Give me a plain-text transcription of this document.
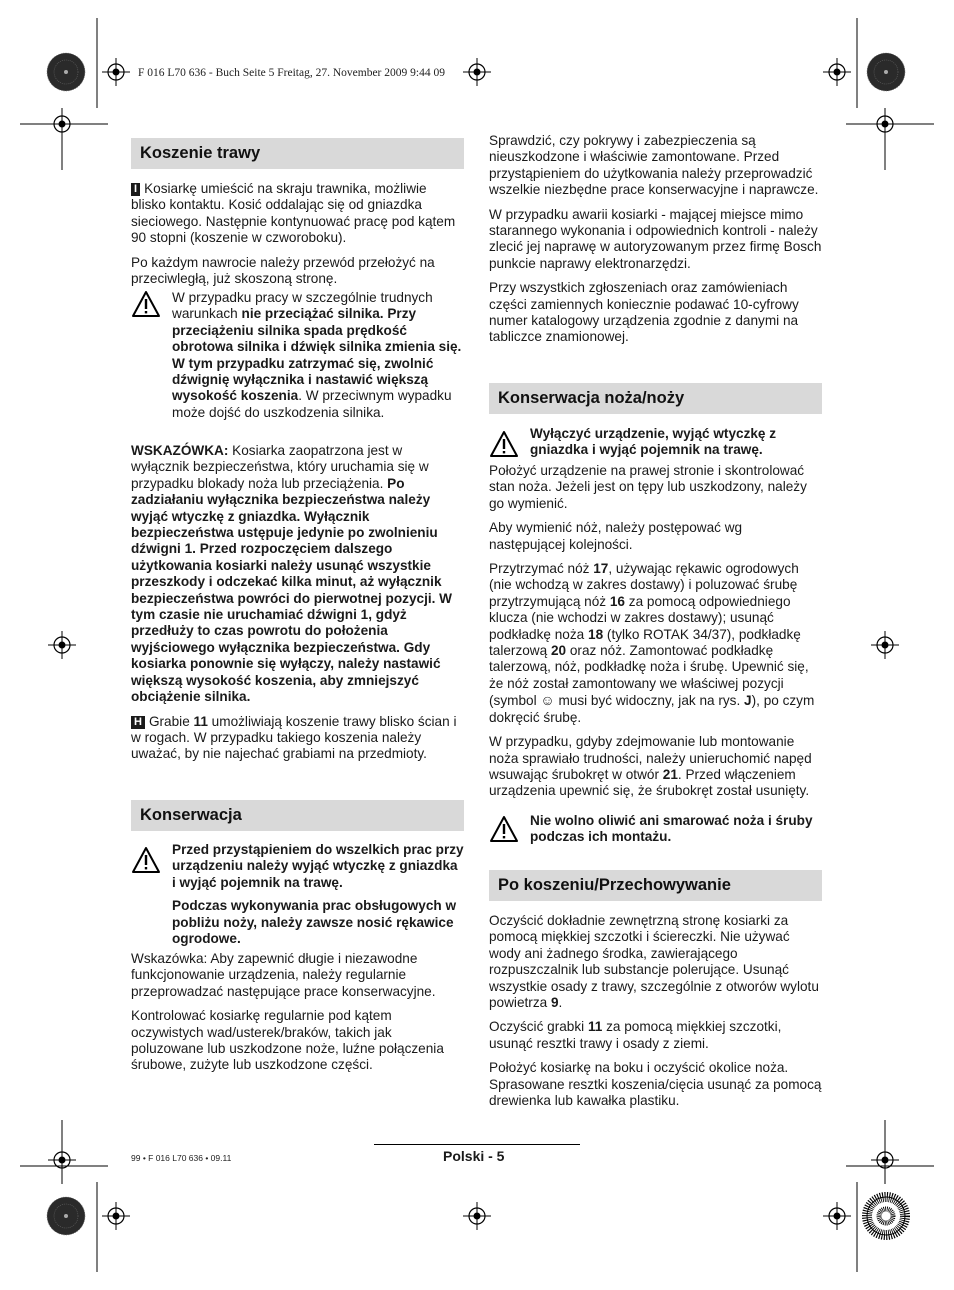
F 016 L70 636 - Buch Seite 5 Freitag, 27. November 2009 9:44 09
Koszenie trawy

I Kosiarkę umieścić na skraju trawnika, możliwie blisko kontaktu. Kosić oddalając się od gniazdka sieciowego. Następnie kontynuować pracę pod kątem 90 stopni (koszenie w czworoboku).

Po każdym nawrocie należy przewód przełożyć na przeciwległą, już skoszoną stronę.

W przypadku pracy w szczególnie trudnych warunkach nie przeciążać silnika. Przy przeciążeniu silnika spada prędkość obrotowa silnika i dźwięk silnika zmienia się. W tym przypadku zatrzymać się, zwolnić dźwignię wyłącznika i nastawić większą wysokość koszenia. W przeciwnym wypadku może dojść do uszkodzenia silnika.

WSKAZÓWKA: Kosiarka zaopatrzona jest w wyłącznik bezpieczeństwa, który uruchamia się w przypadku blokady noża lub przeciążenia. Po zadziałaniu wyłącznika bezpieczeństwa należy wyjąć wtyczkę z gniazdka. Wyłącznik bezpieczeństwa ustępuje jedynie po zwolnieniu dźwigni 1. Przed rozpoczęciem dalszego użytkowania kosiarki należy usunąć wszystkie przeszkody i odczekać kilka minut, aż wyłącznik bezpieczeństwa powróci do pierwotnej pozycji. W tym czasie nie uruchamiać dźwigni 1, gdyż przedłuży to czas powrotu do położenia wyjściowego wyłącznika bezpieczeństwa. Gdy kosiarka ponownie się wyłączy, należy nastawić większą wysokość koszenia, aby zmniejszyć obciążenie silnika.

H Grabie 11 umożliwiają koszenie trawy blisko ścian i w rogach. W przypadku takiego koszenia należy uważać, by nie najechać grabiami na przedmioty.

Konserwacja

Przed przystąpieniem do wszelkich prac przy urządzeniu należy wyjąć wtyczkę z gniazdka i wyjąć pojemnik na trawę.

Podczas wykonywania prac obsługowych w pobliżu noży, należy zawsze nosić rękawice ogrodowe.

Wskazówka: Aby zapewnić długie i niezawodne funkcjonowanie urządzenia, należy regularnie przeprowadzać następujące prace konserwacyjne.

Kontrolować kosiarkę regularnie pod kątem oczywistych wad/usterek/braków, takich jak poluzowane lub uszkodzone noże, luźne połączenia śrubowe, zużyte lub uszkodzone części.

Sprawdzić, czy pokrywy i zabezpieczenia są nieuszkodzone i właściwie zamontowane. Przed przystąpieniem do użytkowania należy przeprowadzić wszelkie niezbędne prace konserwacyjne i naprawcze.

W przypadku awarii kosiarki - mającej miejsce mimo starannego wykonania i odpowiednich kontroli - należy zlecić jej naprawę w autoryzowanym przez firmę Bosch punkcie naprawy elektronarzędzi.

Przy wszystkich zgłoszeniach oraz zamówieniach części zamiennych koniecznie podawać 10-cyfrowy numer katalogowy urządzenia zgodnie z danymi na tabliczce znamionowej.

Konserwacja noża/noży

Wyłączyć urządzenie, wyjąć wtyczkę z gniazdka i wyjąć pojemnik na trawę.

Położyć urządzenie na prawej stronie i skontrolować stan noża. Jeżeli jest on tępy lub uszkodzony, należy go wymienić.

Aby wymienić nóż, należy postępować wg następującej kolejności.

Przytrzymać nóż 17, używając rękawic ogrodowych (nie wchodzą w zakres dostawy) i poluzować śrubę przytrzymującą nóż 16 za pomocą odpowiedniego klucza (nie wchodzi w zakres dostawy); usunąć podkładkę noża 18 (tylko ROTAK 34/37), podkładkę talerzową 20 oraz nóż. Zamontować podkładkę talerzową, nóż, podkładkę noża i śrubę. Upewnić się, że nóż został zamontowany we właściwej pozycji (symbol ☺ musi być widoczny, jak na rys. J), po czym dokręcić śrubę.

W przypadku, gdyby zdejmowanie lub montowanie noża sprawiało trudności, należy unieruchomić napęd wsuwając śrubokręt w otwór 21. Przed włączeniem urządzenia upewnić się, że śrubokręt został usunięty.

Nie wolno oliwić ani smarować noża i śruby podczas ich montażu.

Po koszeniu/Przechowywanie

Oczyścić dokładnie zewnętrzną stronę kosiarki za pomocą miękkiej szczotki i ściereczki. Nie używać wody ani żadnego środka, zawierającego rozpuszczalnik lub substancje polerujące. Usunąć wszystkie osady z trawy, szczególnie z otworów wylotu powietrza 9.

Oczyścić grabki 11 za pomocą miękkiej szczotki, usunąć resztki trawy i osady z ziemi.

Położyć kosiarkę na boku i oczyścić okolice noża. Sprasowane resztki koszenia/cięcia usunąć za pomocą drewienka lub kawałka plastiku.

99 • F 016 L70 636 • 09.11	Polski - 5
